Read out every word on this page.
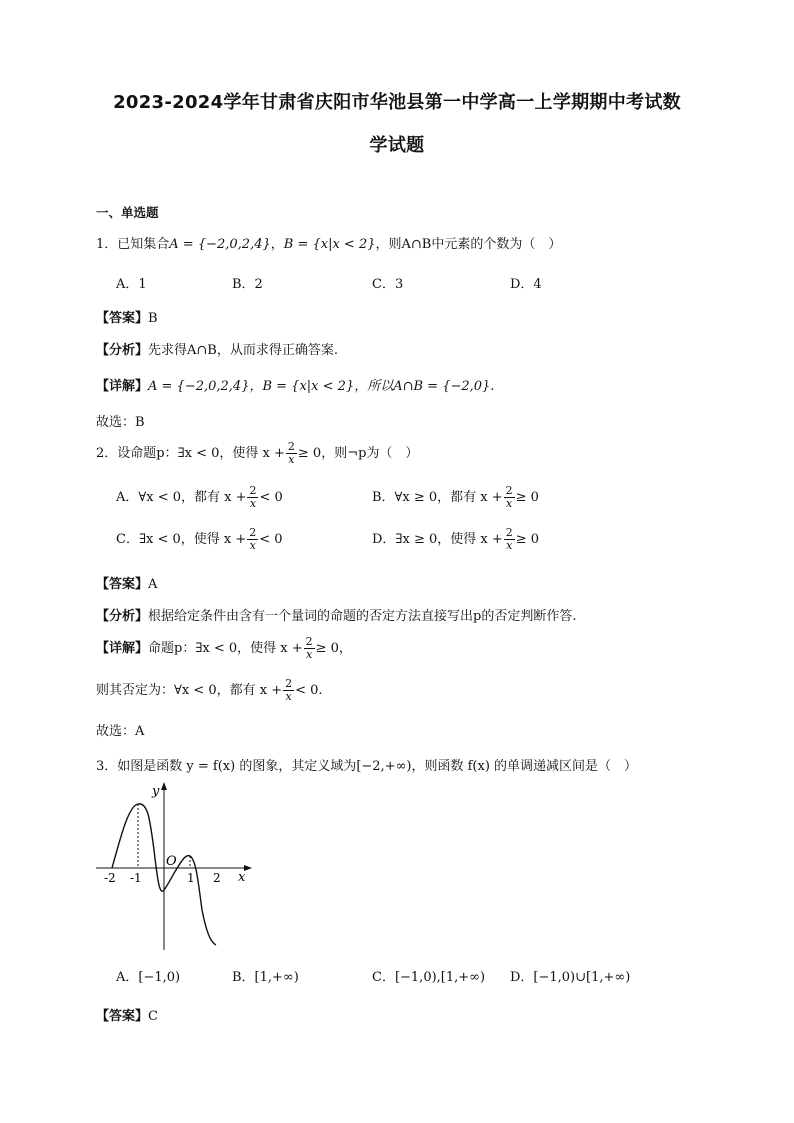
2023-2024学年甘肃省庆阳市华池县第一中学高一上学期期中考试数
学试题
一、单选题
1．已知集合A = {−2,0,2,4}，B = {x|x < 2}，则A∩B中元素的个数为（　）
A．1	B．2	C．3	D．4
【答案】B
【分析】先求得A∩B，从而求得正确答案.
【详解】A = {−2,0,2,4}，B = {x|x < 2}，所以A∩B = {−2,0}.
故选：B
2．设命题p：∃x < 0，使得 $x + \frac{2}{x} \ge 0$，则¬p为（　）
A．∀x < 0，都有 $x + \frac{2}{x} < 0$	B．∀x ≥ 0，都有 $x + \frac{2}{x} \ge 0$
C．∃x < 0，使得 $x + \frac{2}{x} < 0$	D．∃x ≥ 0，使得 $x + \frac{2}{x} \ge 0$
【答案】A
【分析】根据给定条件由含有一个量词的命题的否定方法直接写出p的否定判断作答.
【详解】命题p：∃x < 0，使得 $x + \frac{2}{x} \ge 0$，
则其否定为：∀x < 0，都有 $x + \frac{2}{x} < 0$.
故选：A
3．如图是函数 y = f(x) 的图象，其定义域为[−2,+∞)，则函数 f(x) 的单调递减区间是（　）
y
x
O
-2 -1	1 2
A．[−1,0)	B．[1,+∞)	C．[−1,0),[1,+∞) D．[−1,0)∪[1,+∞)
【答案】C
